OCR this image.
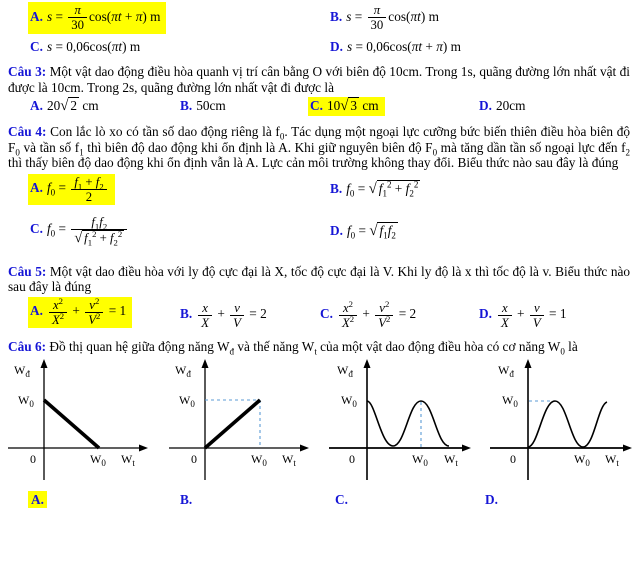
A. $s = \frac{\pi}{30} \cos(\pi t + \pi)$ m	B. $s = \frac{\pi}{30} \cos(\pi t)$ m
C. s = 0,06cos(πt) m	D. s = 0,06cos(πt + π) m

Câu 3: Một vật dao động điều hòa quanh vị trí cân bằng O với biên độ 10cm. Trong 1s, quãng đường lớn nhất vật đi được là 10cm. Trong 2s, quãng đường lớn nhất vật đi được là

A. 20√ 2 cm	B. 50cm	C. 10√ 3 cm	D. 20cm

Câu 4: Con lắc lò xo có tần số dao động riêng là $f_0$. Tác dụng một ngoại lực cưỡng bức biến thiên điều hòa biên độ $F_0$ và tần số $f_1$ thì biên độ dao động khi ổn định là A. Khi giữ nguyên biên độ $F_0$ mà tăng dần tần số ngoại lực đến $f_2$ thì thấy biên độ dao động khi ổn định vẫn là A. Lực cản môi trường không thay đổi. Biểu thức nào sau đây là đúng

A. $f_0 = \frac{f_1 + f_2}{2}$	B. $f_0$ = √ $f_1^2 + f_2^2$
C. $f_0 = \frac{f_1f_2}{√ f_1^2 + f_2^2}$	D. $f_0$ = √ $f_1f_2$

Câu 5: Một vật dao điều hòa với ly độ cực đại là X, tốc độ cực đại là V. Khi ly độ là x thì tốc độ là v. Biểu thức nào sau đây là đúng

A. $\frac{x^2}{X^2} + \frac{v^2}{V^2} = 1$	B. $\frac{x}{X} + \frac{v}{V} = 2$	C. $\frac{x^2}{X^2} + \frac{v^2}{V^2} = 2$	D. $\frac{x}{X} + \frac{v}{V} = 1$

Câu 6: Đồ thị quan hệ giữa động năng $W_đ$ và thế năng $W_t$ của một vật dao động điều hòa có cơ năng $W_0$ là

$W_đ$
$W_0$
0	$W_0$ $W_t$
$W_đ$
$W_0$
0	$W_0$ $W_t$
$W_đ$
$W_0$
0	$W_0$ $W_t$
$W_đ$
$W_0$
0	$W_0$ $W_t$
A.	B.	C.	D.
